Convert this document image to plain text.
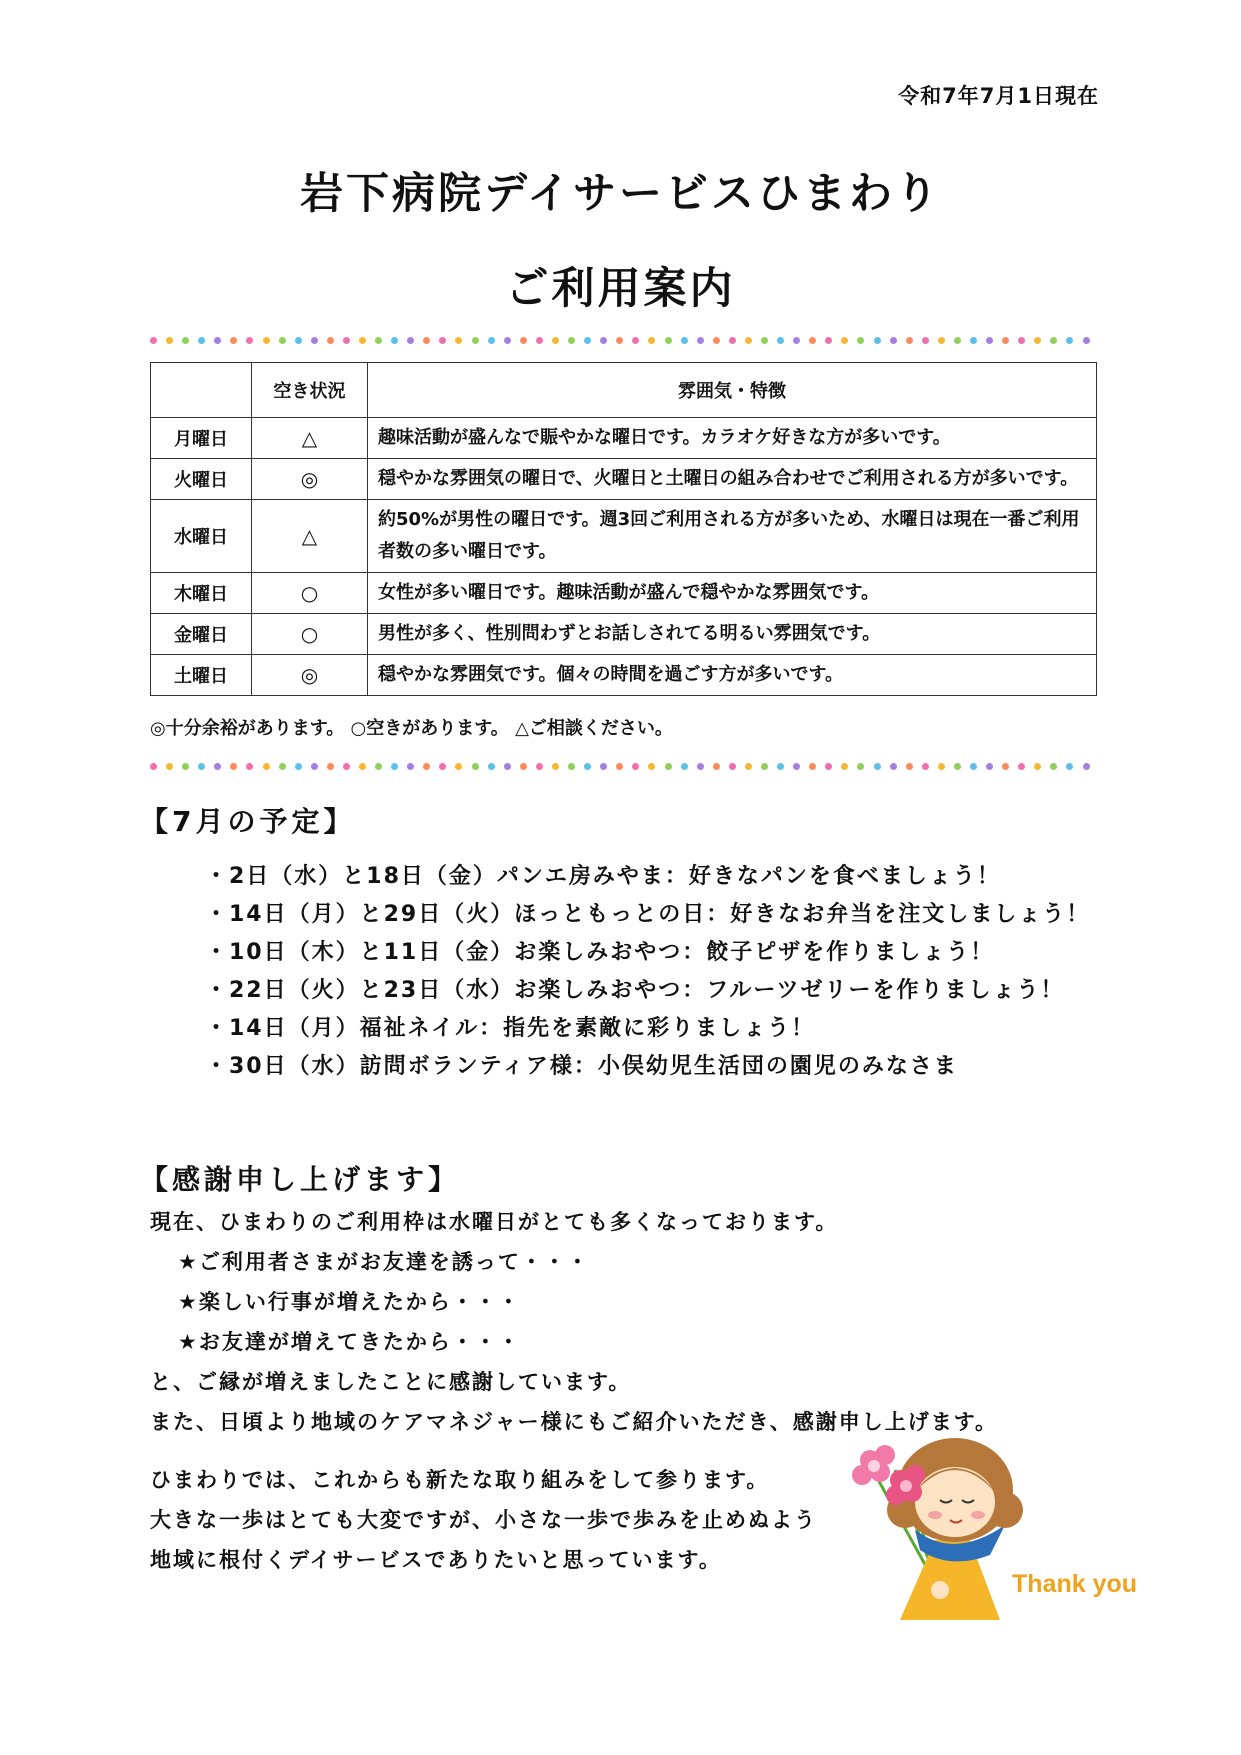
令和7年7月1日現在
岩下病院デイサービスひまわり
ご利用案内
	空き状況	雰囲気・特徴
月曜日	△	趣味活動が盛んなで賑やかな曜日です。カラオケ好きな方が多いです。
火曜日	◎	穏やかな雰囲気の曜日で、火曜日と土曜日の組み合わせでご利用される方が多いです。
水曜日	△	約50%が男性の曜日です。週3回ご利用される方が多いため、水曜日は現在一番ご利用者数の多い曜日です。
木曜日	○	女性が多い曜日です。趣味活動が盛んで穏やかな雰囲気です。
金曜日	○	男性が多く、性別問わずとお話しされてる明るい雰囲気です。
土曜日	◎	穏やかな雰囲気です。個々の時間を過ごす方が多いです。
◎十分余裕があります。 ○空きがあります。 △ご相談ください。
【7月の予定】
・2日（水）と18日（金）パンエ房みやま：好きなパンを食べましょう！
・14日（月）と29日（火）ほっともっとの日：好きなお弁当を注文しましょう！
・10日（木）と11日（金）お楽しみおやつ：餃子ピザを作りましょう！
・22日（火）と23日（水）お楽しみおやつ：フルーツゼリーを作りましょう！
・14日（月）福祉ネイル：指先を素敵に彩りましょう！
・30日（水）訪問ボランティア様：小俣幼児生活団の園児のみなさま
【感謝申し上げます】
現在、ひまわりのご利用枠は水曜日がとても多くなっております。
★ご利用者さまがお友達を誘って・・・
★楽しい行事が増えたから・・・
★お友達が増えてきたから・・・
と、ご縁が増えましたことに感謝しています。
また、日頃より地域のケアマネジャー様にもご紹介いただき、感謝申し上げます。
ひまわりでは、これからも新たな取り組みをして参ります。
大きな一歩はとても大変ですが、小さな一歩で歩みを止めぬよう
地域に根付くデイサービスでありたいと思っています。
Thank you
